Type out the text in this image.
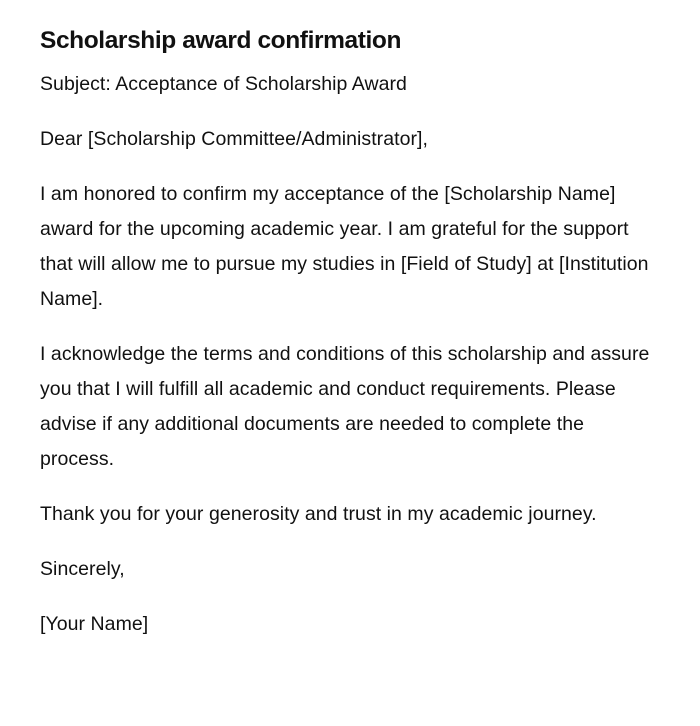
Scholarship award confirmation

Subject: Acceptance of Scholarship Award

Dear [Scholarship Committee/Administrator],

I am honored to confirm my acceptance of the [Scholarship Name] award for the upcoming academic year. I am grateful for the support that will allow me to pursue my studies in [Field of Study] at [Institution Name].

I acknowledge the terms and conditions of this scholarship and assure you that I will fulfill all academic and conduct requirements. Please advise if any additional documents are needed to complete the process.

Thank you for your generosity and trust in my academic journey.

Sincerely,

[Your Name]
